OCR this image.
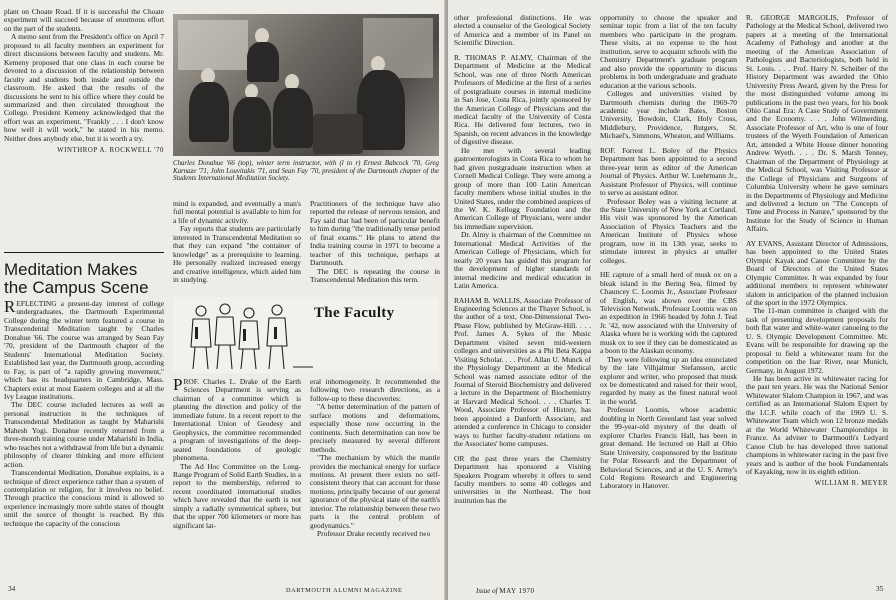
plant on Choate Road. If it is successful the Choate experiment will succeed because of enormous effort on the part of the students.

A memo sent from the President's office on April 7 proposed to all faculty members an experiment for direct discussions between faculty and students. Mr. Kemeny proposed that one class in each course be devoted to a discussion of the relationship between faculty and students both inside and outside the classroom. He asked that the results of the discussions be sent to his office where they could be summarized and then circulated throughout the College. President Kemeny acknowledged that the effort was an experiment. "Frankly . . . I don't know how well it will work," he stated in his memo. Neither does anybody else, but it is worth a try.

WINTHROP A. ROCKWELL '70
Meditation Makes the Campus Scene

REFLECTING a present-day interest of college undergraduates, the Dartmouth Experimental College during the winter term featured a course in Transcendental Meditation taught by Charles Donahue '66. The course was arranged by Sean Fay '70, president of the Dartmouth chapter of the Students' International Meditation Society. Established last year, the Dartmouth group, according to Fay, is part of "a rapidly growing movement," which has its headquarters in Cambridge, Mass. Chapters exist at most Eastern colleges and at all the Ivy League institutions.

The DEC course included lectures as well as personal instruction in the techniques of Transcendental Meditation as taught by Maharishi Mahesh Yogi. Donahue recently returned from a three-month training course under Maharishi in India, who teaches not a withdrawal from life but a dynamic philosophy of clearer thinking and more efficient action.

Transcendental Meditation, Donahue explains, is a technique of direct experience rather than a system of contemplation or religion, for it involves no belief. Through practice the conscious mind is allowed to experience increasingly more subtle states of thought until the source of thought is reached. By this technique the capacity of the conscious

Charles Donahue '66 (top), winter term instructor, with (l to r) Ernest Babcock '70, Greg Karnaze '71, John Louvitakis '71, and Sean Fay '70, president of the Dartmouth chapter of the Students International Meditation Society.

mind is expanded, and eventually a man's full mental potential is available to him for a life of dynamic activity.

Fay reports that students are particularly interested in Transcendental Meditation so that they can expand "the container of knowledge" as a prerequisite to learning. He personally realized increased energy and creative intelligence, which aided him in studying.

Practitioners of the technique have also reported the release of nervous tension, and Fay said that had been of particular benefit to him during "the traditionally tense period of final exams." He plans to attend the India training course in 1971 to become a teacher of this technique, perhaps at Dartmouth.

The DEC is repeating the course in Transcendental Meditation this term.

The Faculty

PROF. Charles L. Drake of the Earth Sciences Department is serving as chairman of a committee which is planning the direction and policy of the immediate future. In a recent report to the International Union of Geodesy and Geophysics, the committee recommended a program of investigations of the deep-seated foundations of geologic phenomena.

The Ad Hoc Committee on the Long-Range Program of Solid Earth Studies, in a report to the membership, referred to recent coordinated international studies which have revealed that the earth is not simply a radially symmetrical sphere, but that the upper 700 kilometers or more has significant lat-

eral inhomogeneity. It recommended the following two research directions, as a follow-up to these discoveries:

"A better determination of the pattern of surface motions and deformations, especially those now occurring in the continents. Such determination can now be precisely measured by several different methods.

"The mechanism by which the mantle provides the mechanical energy for surface motions. At present there exists no self-consistent theory that can account for these motions, principally because of our general ignorance of the physical state of the earth's interior. The relationship between these two parts is the central problem of geodynamics."

Professor Drake recently received two

34	DARTMOUTH ALUMNI MAGAZINE

other professional distinctions. He was elected a counselor of the Geological Society of America and a member of its Panel on Scientific Direction.

R. THOMAS P. ALMY, Chairman of the Department of Medicine at the Medical School, was one of three North American Professors of Medicine at the first of a series of postgraduate courses in internal medicine in San Jose, Costa Rica, jointly sponsored by the American College of Physicians and the medical faculty of the University of Costa Rica. He delivered four lectures, two in Spanish, on recent advances in the knowledge of digestive disease.

He met with several leading gastroenterologists in Costa Rica to whom he had given postgraduate instruction when at Cornell Medical College. They were among a group of more than 100 Latin American faculty members whose initial studies in the United States, under the combined auspices of the W. K. Kellogg Foundation and the American College of Physicians, were under his immediate supervision.

Dr. Almy is chairman of the Committee on International Medical Activities of the American College of Physicians, which for nearly 20 years has guided this program for the development of higher standards of internal medicine and medical education in Latin America.

RAHAM B. WALLIS, Associate Professor of Engineering Sciences at the Thayer School, is the author of a text, One-Dimensional Two-Phase Flow, published by McGraw-Hill. . . . Prof. James A. Sykes of the Music Department visited seven mid-western colleges and universities as a Phi Beta Kappa Visiting Scholar. . . . Prof. Allan U. Munck of the Physiology Department at the Medical School was named associate editor of the Journal of Steroid Biochemistry and delivered a lecture in the Department of Biochemistry at Harvard Medical School. . . . Charles T. Wood, Associate Professor of History, has been appointed a Danforth Associate, and attended a conference in Chicago to consider ways to further faculty-student relations on the Associates' home campuses.

OR the past three years the Chemistry Department has sponsored a Visiting Speakers Program whereby it offers to send faculty members to some 40 colleges and universities in the Northeast. The host institution has the

opportunity to choose the speaker and seminar topic from a list of the ten faculty members who participate in the program. These visits, at no expense to the host institution, serve to acquaint schools with the Chemistry Department's graduate program and also provide the opportunity to discuss problems in both undergraduate and graduate education at the various schools.

Colleges and universities visited by Dartmouth chemists during the 1969-70 academic year include Bates, Boston University, Bowdoin, Clark, Holy Cross, Middlebury, Providence, Rutgers, St. Michael's, Simmons, Wheaton, and Williams.

ROF. Forrest L. Boley of the Physics Department has been appointed to a second three-year term as editor of the American Journal of Physics. Arthur W. Luehrmann Jr., Assistant Professor of Physics, will continue to serve as assistant editor.

Professor Boley was a visiting lecturer at the State University of New York at Cortland. His visit was sponsored by the American Association of Physics Teachers and the American Institute of Physics whose program, now in its 13th year, seeks to stimulate interest in physics at smaller colleges.

HE capture of a small herd of musk ox on a bleak island in the Bering Sea, filmed by Chauncey C. Loomis Jr., Associate Professor of English, was shown over the CBS Television Network. Professor Loomis was on an expedition in 1966 headed by John J. Teal Jr. '42, now associated with the University of Alaska where he is working with the captured musk ox to see if they can be domesticated as a boon to the Alaskan economy.

They were following up an idea enunciated by the late Vilhjalmur Stefansson, arctic explorer and writer, who proposed that musk ox be domesticated and raised for their wool, regarded by many as the finest natural wool in the world.

Professor Loomis, whose academic doubling in North Greenland last year solved the 99-year-old mystery of the death of explorer Charles Francis Hall, has been in great demand. He lectured on Hall at Ohio State University, cosponsored by the Institute for Polar Research and the Department of Behavioral Sciences, and at the U. S. Army's Cold Regions Research and Engineering Laboratory in Hanover.

R. GEORGE MARGOLIS, Professor of Pathology at the Medical School, delivered two papers at a meeting of the International Academy of Pathology and another at the meeting of the American Association of Pathologists and Bacteriologists, both held in St. Louis. . . . Prof. Harry N. Scheiber of the History Department was awarded the Ohio University Press Award, given by the Press for the most distinguished volume among its publications in the past two years, for his book Ohio Canal Era: A Case Study of Government and the Economy. . . . John Wilmerding, Associate Professor of Art, who is one of four trustees of the Wyeth Foundation of American Art, attended a White House dinner honoring Andrew Wyeth. . . . Dr. S. Marsh Tenney, Chairman of the Department of Physiology at the Medical School, was Visiting Professor at the College of Physicians and Surgeons of Columbia University where he gave seminars in the Departments of Physiology and Medicine and delivered a lecture on "The Concepts of Time and Process in Nature," sponsored by the Institute for the Study of Science in Human Affairs.

AY EVANS, Assistant Director of Admissions, has been appointed to the United States Olympic Kayak and Canoe Committee by the Board of Directors of the United States Olympic Committee. It was expanded by four additional members to represent whitewater slalom in anticipation of the planned inclusion of the sport in the 1972 Olympics.

The 11-man committee is charged with the task of presenting development proposals for both flat water and white-water canoeing to the U. S. Olympic Development Committee. Mr. Evans will be responsible for drawing up the proposal to field a whitewater team for the competition on the Isar River, near Munich, Germany, in August 1972.

He has been active in whitewater racing for the past ten years. He was the National Senior Whitewater Slalom Champion in 1967, and was certified as an International Slalom Expert by the I.C.F. while coach of the 1969 U. S. Whitewater Team which won 12 bronze medals at the World Whitewater Championships in France. As adviser to Dartmouth's Ledyard Canoe Club he has developed three national champions in whitewater racing in the past five years and is author of the book Fundamentals of Kayaking, now in its eighth edition.

WILLIAM R. MEYER
Issue of MAY 1970	35
